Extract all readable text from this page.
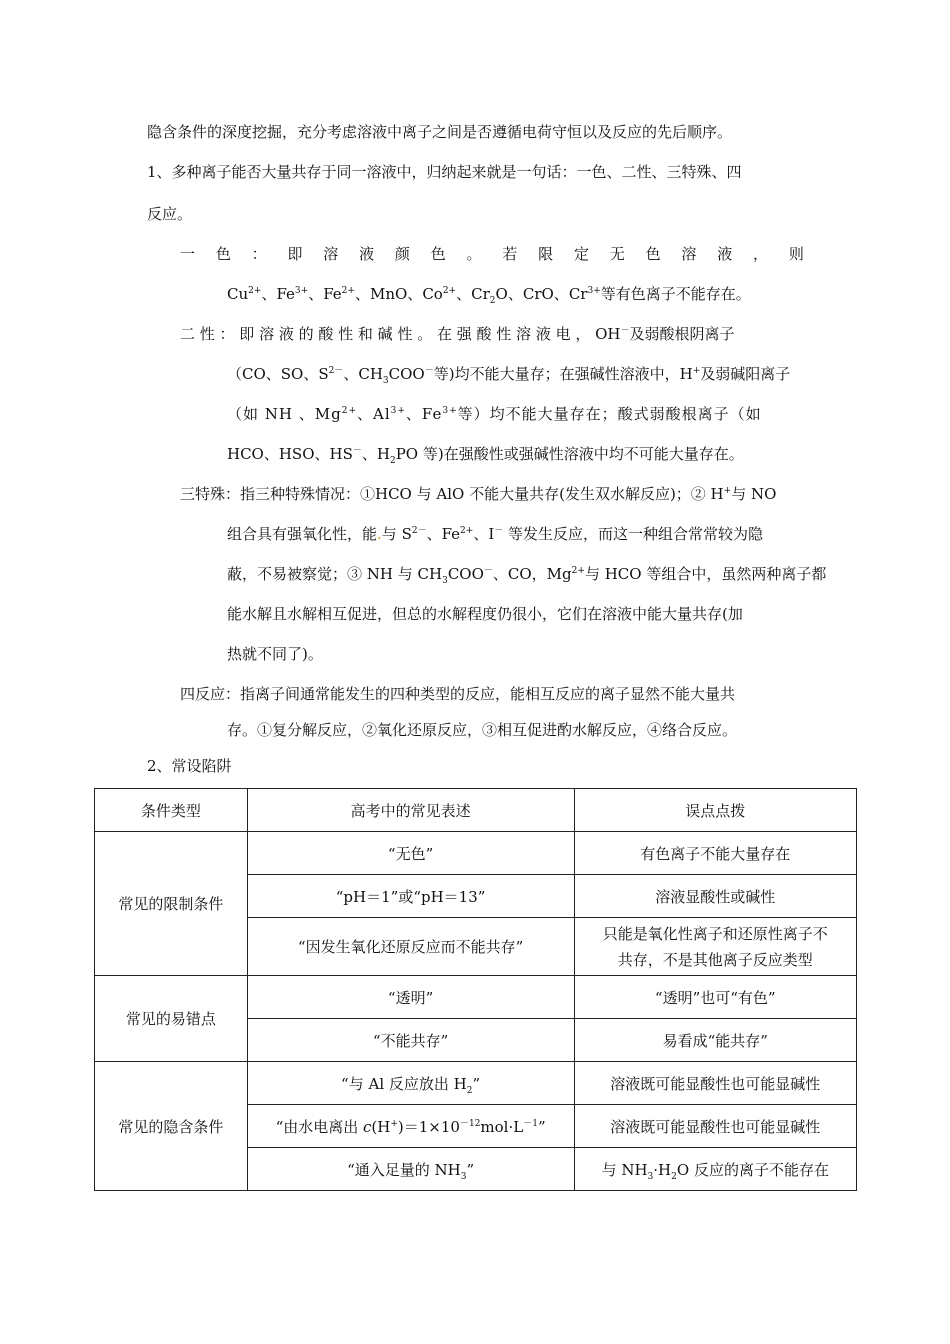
隐含条件的深度挖掘，充分考虑溶液中离子之间是否遵循电荷守恒以及反应的先后顺序。
1、多种离子能否大量共存于同一溶液中，归纳起来就是一句话：一色、二性、三特殊、四
反应。
一 色 ： 即 溶 液 颜 色 。 若 限 定 无 色 溶 液 ， 则
$Cu^{2+}$、$Fe^{3+}$、$Fe^{2+}$、MnO、$Co^{2+}$、$Cr_2O$、CrO、$Cr^{3+}$等有色离子不能存在。
二 性 ： 即 溶 液 的 酸 性 和 碱 性 。 在 强 酸 性 溶 液 电 ， OH－及弱酸根阴离子
（CO、SO、$S^{2-}$、$CH_3COO^-$等)均不能大量存；在强碱性溶液中，H+及弱碱阳离子
（如 NH 、$Mg^{2+}$、$Al^{3+}$、$Fe^{3+}$等）均不能大量存在；酸式弱酸根离子（如
HCO、HSO、HS－、$H_2PO$ 等)在强酸性或强碱性溶液中均不可能大量存在。
三特殊：指三种特殊情况：①HCO 与 AlO 不能大量共存(发生双水解反应)；② H+与 NO
组合具有强氧化性，能.与 $S^{2-}$、$Fe^{2+}$、I－ 等发生反应，而这一种组合常常较为隐
蔽，不易被察觉；③ NH 与 $CH_3COO^-$、CO，$Mg^{2+}$与 HCO 等组合中，虽然两种离子都
能水解且水解相互促进，但总的水解程度仍很小，它们在溶液中能大量共存(加
热就不同了)。
四反应：指离子间通常能发生的四种类型的反应，能相互反应的离子显然不能大量共
存。①复分解反应，②氧化还原反应，③相互促进酌水解反应，④络合反应。
2、常设陷阱
条件类型	高考中的常见表述	误点点拨
常见的限制条件	“无色”	有色离子不能大量存在
	“pH＝1”或“pH＝13”	溶液显酸性或碱性
	“因发生氧化还原反应而不能共存”	只能是氧化性离子和还原性离子不
共存，不是其他离子反应类型
常见的易错点	“透明”	“透明”也可“有色”
	“不能共存”	易看成“能共存”
常见的隐含条件	“与 Al 反应放出 $H_2$”	溶液既可能显酸性也可能显碱性
	“由水电离出 $c(H^+)=1\times 10^{-12}mol\cdot L^{-1}$”	溶液既可能显酸性也可能显碱性
	“通入足量的 $NH_3$”	与 $NH_3\cdot H_2O$ 反应的离子不能存在
